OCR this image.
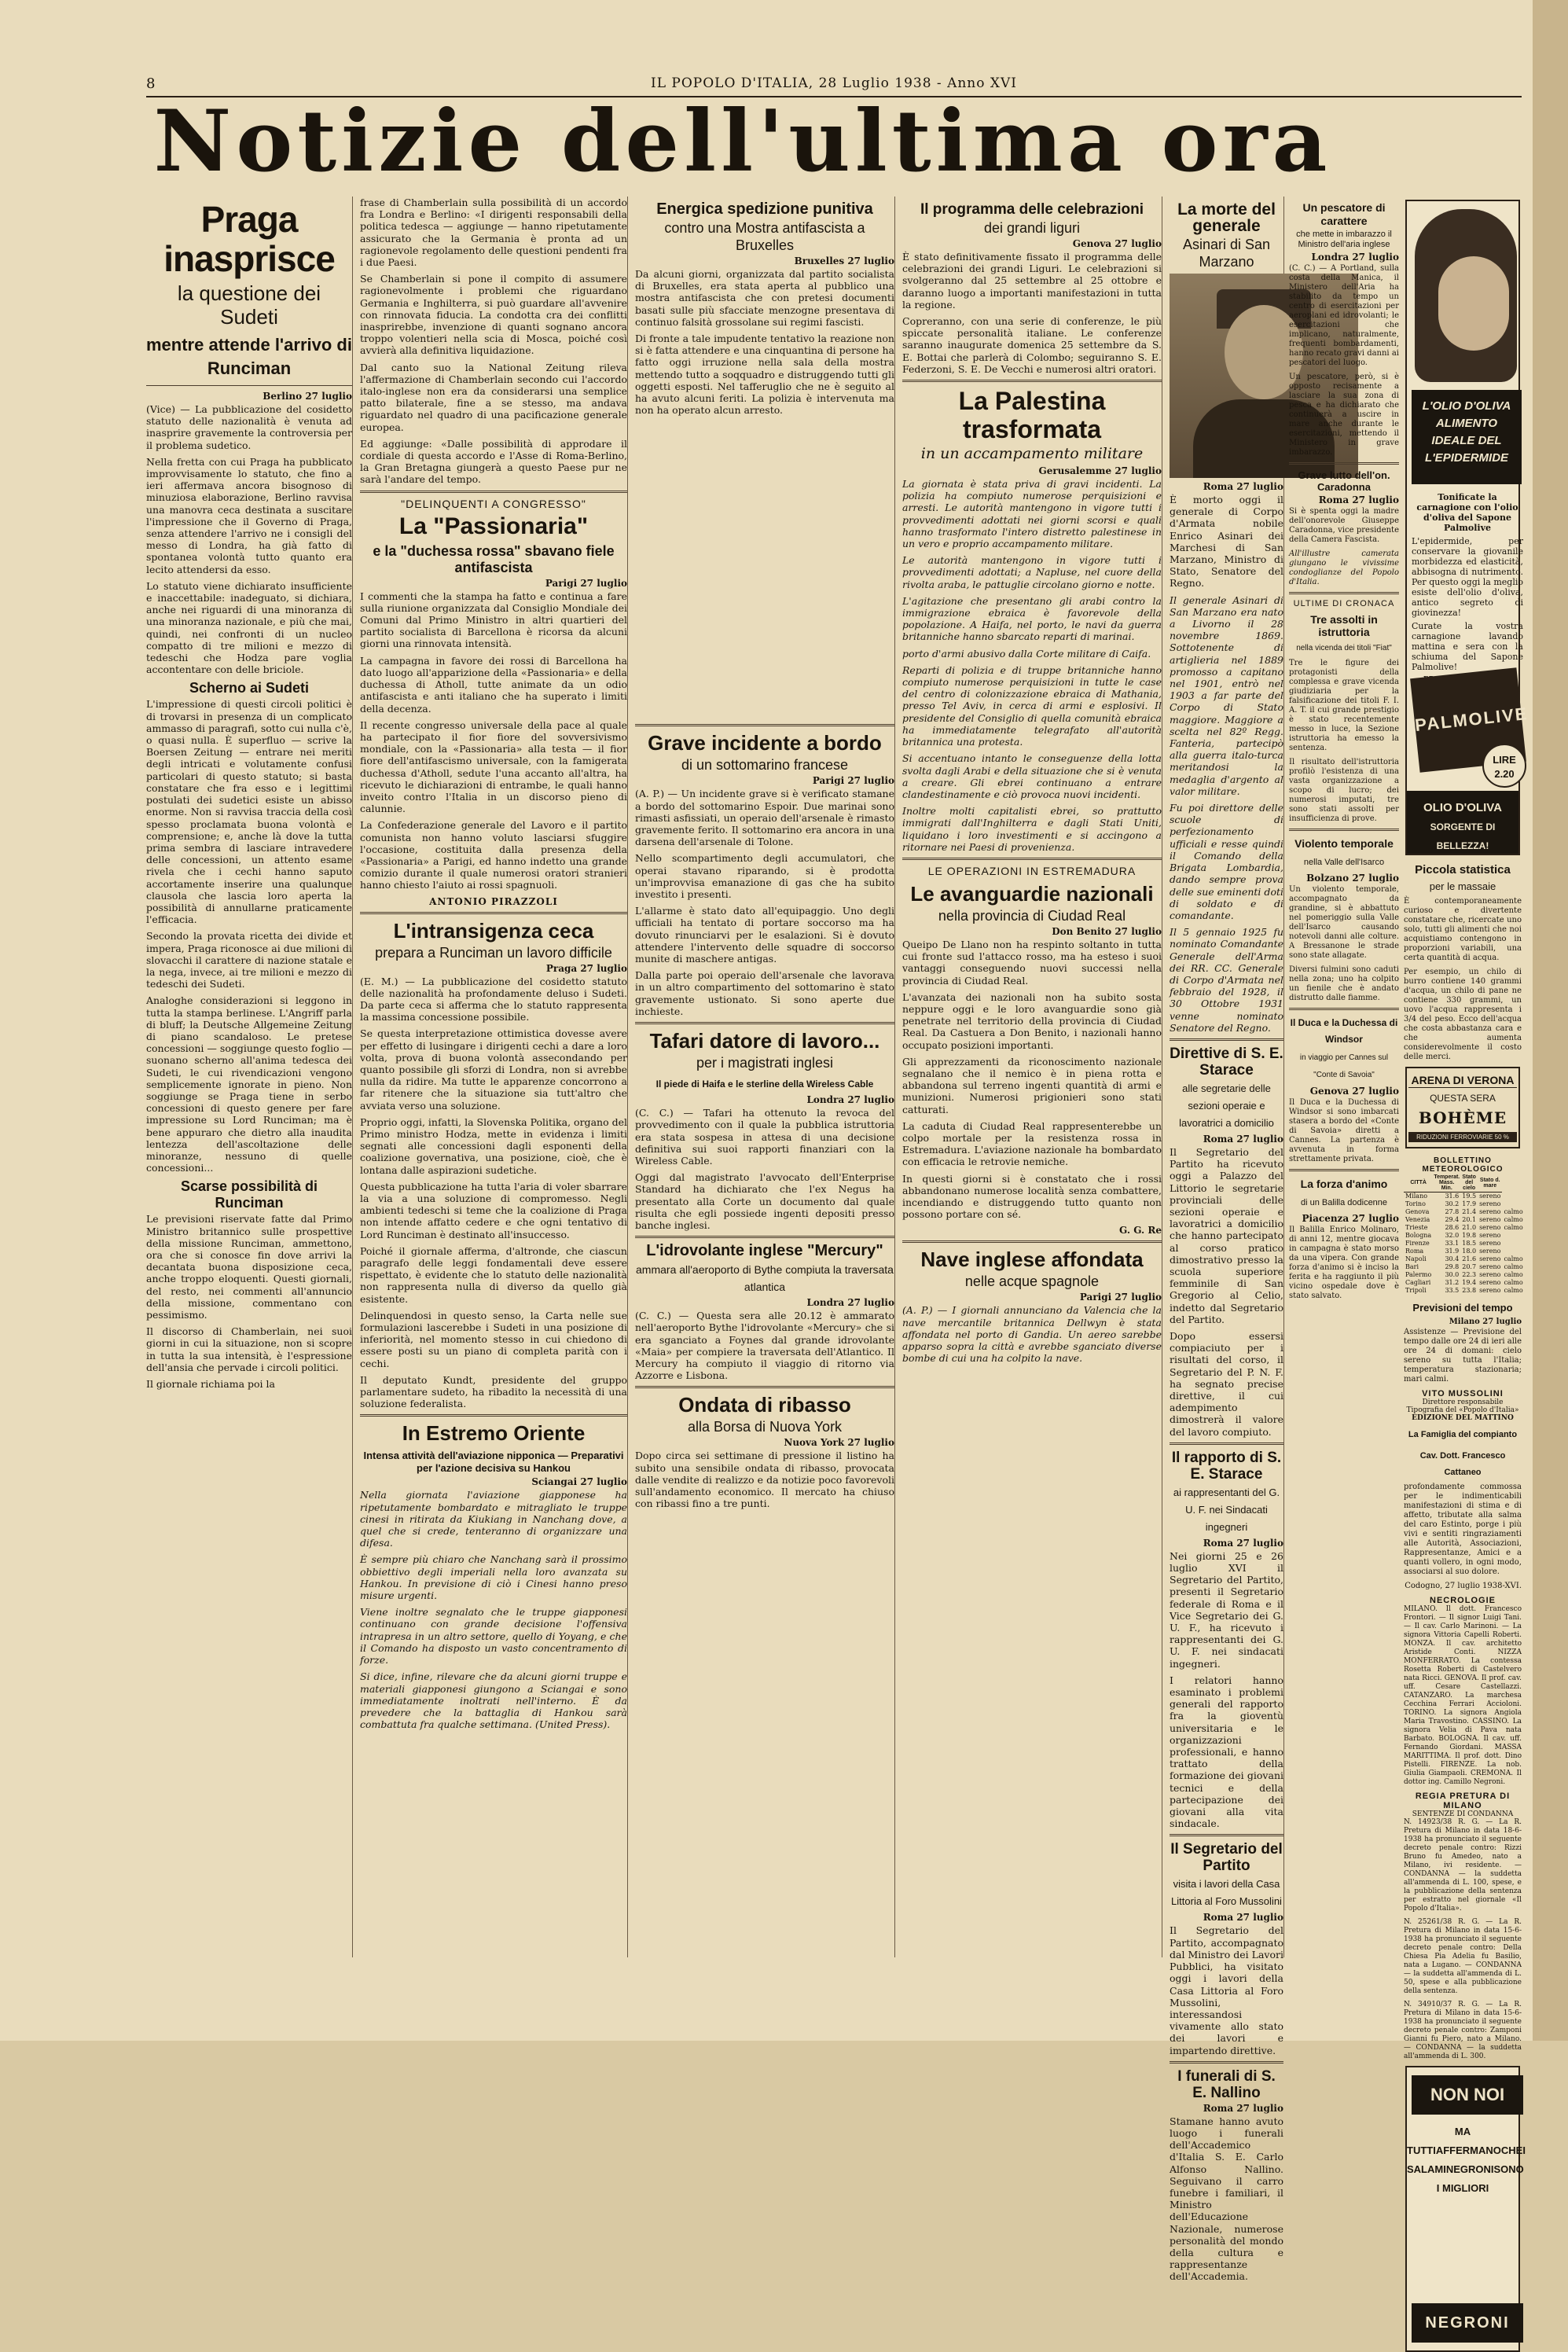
8	IL POPOLO D'ITALIA, 28 Luglio 1938 - Anno XVI
Notizie dell'ultima ora
Praga inasprisce
la questione dei Sudeti
mentre attende l'arrivo di Runciman
Berlino 27 luglio

(Vice) — La pubblicazione del cosidetto statuto delle nazionalità è venuta ad inasprire gravemente la controversia per il problema sudetico.

Nella fretta con cui Praga ha pubblicato improvvisamente lo statuto, che fino a ieri affermava ancora bisognoso di minuziosa elaborazione, Berlino ravvisa una manovra ceca destinata a suscitare l'impressione che il Governo di Praga, senza attendere l'arrivo ne i consigli del messo di Londra, ha già fatto di spontanea volontà tutto quanto era lecito attendersi da esso.

Lo statuto viene dichiarato insufficiente e inaccettabile: inadeguato, si dichiara, anche nei riguardi di una minoranza di una minoranza nazionale, e più che mai, quindi, nei confronti di un nucleo compatto di tre milioni e mezzo di tedeschi che Hodza pare voglia accontentare con delle briciole.

Scherno ai Sudeti

L'impressione di questi circoli politici è di trovarsi in presenza di un complicato ammasso di paragrafi, sotto cui nulla c'è, o quasi nulla. È superfluo — scrive la Boersen Zeitung — entrare nei meriti degli intricati e volutamente confusi particolari di questo statuto; si basta constatare che fra esso e i legittimi postulati dei sudetici esiste un abisso enorme. Non si ravvisa traccia della così spesso proclamata buona volontà e comprensione; e, anche là dove la tutta prima sembra di lasciare intravedere delle concessioni, un attento esame rivela che i cechi hanno saputo accortamente inserire una qualunque clausola che lascia loro aperta la possibilità di annullarne praticamente l'efficacia.

Secondo la provata ricetta dei divide et impera, Praga riconosce ai due milioni di slovacchi il carattere di nazione statale e la nega, invece, ai tre milioni e mezzo di tedeschi dei Sudeti.

Analoghe considerazioni si leggono in tutta la stampa berlinese. L'Angriff parla di bluff; la Deutsche Allgemeine Zeitung di piano scandaloso. Le pretese concessioni — soggiunge questo foglio — suonano scherno all'anima tedesca dei Sudeti, le cui rivendicazioni vengono semplicemente ignorate in pieno. Non soggiunge se Praga tiene in serbo concessioni di questo genere per fare impressione su Lord Runciman; ma è bene appuraro che dietro alla inaudita lentezza dell'ascoltazione delle minoranze, nessuno di quelle concessioni...

Scarse possibilità di Runciman

Le previsioni riservate fatte dal Primo Ministro britannico sulle prospettive della missione Runciman, ammettono, ora che si conosce fin dove arrivi la decantata buona disposizione ceca, anche troppo eloquenti. Questi giornali, del resto, nei commenti all'annuncio della missione, commentano con pessimismo.

Il discorso di Chamberlain, nei suoi giorni in cui la situazione, non si scopre in tutta la sua intensità, è l'espressione dell'ansia che pervade i circoli politici.

Il giornale richiama poi la

frase di Chamberlain sulla possibilità di un accordo fra Londra e Berlino: «I dirigenti responsabili della politica tedesca — aggiunge — hanno ripetutamente assicurato che la Germania è pronta ad un ragionevole regolamento delle questioni pendenti fra i due Paesi.

Se Chamberlain si pone il compito di assumere ragionevolmente i problemi che riguardano Germania e Inghilterra, si può guardare all'avvenire con rinnovata fiducia. La condotta cra dei conflitti inasprirebbe, invenzione di quanti sognano ancora troppo volentieri nella scia di Mosca, poiché così avvierà alla definitiva liquidazione.

Dal canto suo la National Zeitung rileva l'affermazione di Chamberlain secondo cui l'accordo italo-inglese non era da considerarsi una semplice patto bilaterale, fine a se stesso, ma andava riguardato nel quadro di una pacificazione generale europea.

Ed aggiunge: «Dalle possibilità di approdare il cordiale di questa accordo e l'Asse di Roma-Berlino, la Gran Bretagna giungerà a questo Paese pur ne sarà l'andare del tempo.

"DELINQUENTI A CONGRESSO"
La "Passionaria"
e la "duchessa rossa" sbavano fiele antifascista
Parigi 27 luglio

I commenti che la stampa ha fatto e continua a fare sulla riunione organizzata dal Consiglio Mondiale dei Comuni dal Primo Ministro in altri quartieri del partito socialista di Barcellona è ricorsa da alcuni giorni una rinnovata intensità.

La campagna in favore dei rossi di Barcellona ha dato luogo all'apparizione della «Passionaria» e della duchessa di Atholl, tutte animate da un odio antifascista e anti italiano che ha superato i limiti della decenza.

Il recente congresso universale della pace al quale ha partecipato il fior fiore del sovversivismo mondiale, con la «Passionaria» alla testa — il fior fiore dell'antifascismo universale, con la famigerata duchessa d'Atholl, sedute l'una accanto all'altra, ha ricevuto le dichiarazioni di entrambe, le quali hanno inveito contro l'Italia in un discorso pieno di calunnie.

La Confederazione generale del Lavoro e il partito comunista non hanno voluto lasciarsi sfuggire l'occasione, costituita dalla presenza della «Passionaria» a Parigi, ed hanno indetto una grande comizio durante il quale numerosi oratori stranieri hanno chiesto l'aiuto ai rossi spagnuoli.

ANTONIO PIRAZZOLI
L'intransigenza ceca
prepara a Runciman un lavoro difficile
Praga 27 luglio

(E. M.) — La pubblicazione del cosidetto statuto delle nazionalità ha profondamente deluso i Sudeti. Da parte ceca si afferma che lo statuto rappresenta la massima concessione possibile.

Se questa interpretazione ottimistica dovesse avere per effetto di lusingare i dirigenti cechi a dare a loro volta, prova di buona volontà assecondando per quanto possibile gli sforzi di Londra, non si avrebbe nulla da ridire. Ma tutte le apparenze concorrono a far ritenere che la situazione sia tutt'altro che avviata verso una soluzione.

Proprio oggi, infatti, la Slovenska Politika, organo del Primo ministro Hodza, mette in evidenza i limiti segnati alle concessioni dagli esponenti della coalizione governativa, una posizione, cioè, che è lontana dalle aspirazioni sudetiche.

Questa pubblicazione ha tutta l'aria di voler sbarrare la via a una soluzione di compromesso. Negli ambienti tedeschi si teme che la coalizione di Praga non intende affatto cedere e che ogni tentativo di Lord Runciman è destinato all'insuccesso.

Poiché il giornale afferma, d'altronde, che ciascun paragrafo delle leggi fondamentali deve essere rispettato, è evidente che lo statuto delle nazionalità non rappresenta nulla di diverso da quello già esistente.

Delinquendosi in questo senso, la Carta nelle sue formulazioni lascerebbe i Sudeti in una posizione di inferiorità, nel momento stesso in cui chiedono di essere posti su un piano di completa parità con i cechi.

Il deputato Kundt, presidente del gruppo parlamentare sudeto, ha ribadito la necessità di una soluzione federalista.

In Estremo Oriente
Intensa attività dell'aviazione nipponica — Preparativi per l'azione decisiva su Hankou
Sciangai 27 luglio

Nella giornata l'aviazione giapponese ha ripetutamente bombardato e mitragliato le truppe cinesi in ritirata da Kiukiang in Nanchang dove, a quel che si crede, tenteranno di organizzare una difesa.

È sempre più chiaro che Nanchang sarà il prossimo obbiettivo degli imperiali nella loro avanzata su Hankou. In previsione di ciò i Cinesi hanno preso misure urgenti.

Viene inoltre segnalato che le truppe giapponesi continuano con grande decisione l'offensiva intrapresa in un altro settore, quello di Yoyang, e che il Comando ha disposto un vasto concentramento di forze.

Si dice, infine, rilevare che da alcuni giorni truppe e materiali giapponesi giungono a Sciangai e sono immediatamente inoltrati nell'interno. È da prevedere che la battaglia di Hankou sarà combattuta fra qualche settimana. (United Press).

Energica spedizione punitiva
contro una Mostra antifascista a Bruxelles
Bruxelles 27 luglio

Da alcuni giorni, organizzata dal partito socialista di Bruxelles, era stata aperta al pubblico una mostra antifascista che con pretesi documenti basati sulle più sfacciate menzogne presentava di continuo falsità grossolane sui regimi fascisti.

Di fronte a tale impudente tentativo la reazione non si è fatta attendere e una cinquantina di persone ha fatto oggi irruzione nella sala della mostra mettendo tutto a soqquadro e distruggendo tutti gli oggetti esposti. Nel tafferuglio che ne è seguito al ha avuto alcuni feriti. La polizia è intervenuta ma non ha operato alcun arresto.

Grave incidente a bordo
di un sottomarino francese
Parigi 27 luglio

(A. P.) — Un incidente grave si è verificato stamane a bordo del sottomarino Espoir. Due marinai sono rimasti asfissiati, un operaio dell'arsenale è rimasto gravemente ferito. Il sottomarino era ancora in una darsena dell'arsenale di Tolone.

Nello scompartimento degli accumulatori, che operai stavano riparando, si è prodotta un'improvvisa emanazione di gas che ha subito investito i presenti.

L'allarme è stato dato all'equipaggio. Uno degli ufficiali ha tentato di portare soccorso ma ha dovuto rinunciarvi per le esalazioni. Si è dovuto attendere l'intervento delle squadre di soccorso munite di maschere antigas.

Dalla parte poi operaio dell'arsenale che lavorava in un altro compartimento del sottomarino è stato gravemente ustionato. Si sono aperte due inchieste.

Tafari datore di lavoro...
per i magistrati inglesi
Il piede di Haifa e le sterline della Wireless Cable
Londra 27 luglio

(C. C.) — Tafari ha ottenuto la revoca del provvedimento con il quale la pubblica istruttoria era stata sospesa in attesa di una decisione definitiva sui suoi rapporti finanziari con la Wireless Cable.

Oggi dal magistrato l'avvocato dell'Enterprise Standard ha dichiarato che l'ex Negus ha presentato alla Corte un documento dal quale risulta che egli possiede ingenti depositi presso banche inglesi.

L'idrovolante inglese "Mercury"
ammara all'aeroporto di Bythe compiuta la traversata atlantica
Londra 27 luglio

(C. C.) — Questa sera alle 20.12 è ammarato nell'aeroporto Bythe l'idrovolante «Mercury» che si era sganciato a Foynes dal grande idrovolante «Maia» per compiere la traversata dell'Atlantico. Il Mercury ha compiuto il viaggio di ritorno via Azzorre e Lisbona.

Ondata di ribasso
alla Borsa di Nuova York
Nuova York 27 luglio

Dopo circa sei settimane di pressione il listino ha subito una sensibile ondata di ribasso, provocata dalle vendite di realizzo e da notizie poco favorevoli sull'andamento economico. Il mercato ha chiuso con ribassi fino a tre punti.

Il programma delle celebrazioni
dei grandi liguri
Genova 27 luglio

È stato definitivamente fissato il programma delle celebrazioni dei grandi Liguri. Le celebrazioni si svolgeranno dal 25 settembre al 25 ottobre e daranno luogo a importanti manifestazioni in tutta la regione.

Copreranno, con una serie di conferenze, le più spiccate personalità italiane. Le conferenze saranno inaugurate domenica 25 settembre da S. E. Bottai che parlerà di Colombo; seguiranno S. E. Federzoni, S. E. De Vecchi e numerosi altri oratori.

La Palestina trasformata
in un accampamento militare
Gerusalemme 27 luglio

La giornata è stata priva di gravi incidenti. La polizia ha compiuto numerose perquisizioni e arresti. Le autorità mantengono in vigore tutti i provvedimenti adottati nei giorni scorsi e quali hanno trasformato l'intero distretto palestinese in un vero e proprio accampamento militare.

Le autorità mantengono in vigore tutti i provvedimenti adottati; a Napluse, nel cuore della rivolta araba, le pattuglie circolano giorno e notte.

L'agitazione che presentano gli arabi contro la immigrazione ebraica è favorevole della popolazione. A Haifa, nel porto, le navi da guerra britanniche hanno sbarcato reparti di marinai.

porto d'armi abusivo dalla Corte militare di Caifa.

Reparti di polizia e di truppe britanniche hanno compiuto numerose perquisizioni in tutte le case del centro di colonizzazione ebraica di Mathania, presso Tel Aviv, in cerca di armi e esplosivi. Il presidente del Consiglio di quella comunità ebraica ha immediatamente telegrafato all'autorità britannica una protesta.

Si accentuano intanto le conseguenze della lotta svolta dagli Arabi e della situazione che si è venuta a creare. Gli ebrei continuano a entrare clandestinamente e ciò provoca nuovi incidenti.

Inoltre molti capitalisti ebrei, so prattutto immigrati dall'Inghilterra e dagli Stati Uniti, liquidano i loro investimenti e si accingono a ritornare nei Paesi di provenienza.

LE OPERAZIONI IN ESTREMADURA
Le avanguardie nazionali
nella provincia di Ciudad Real
Don Benito 27 luglio

Queipo De Llano non ha respinto soltanto in tutta cui fronte sud l'attacco rosso, ma ha esteso i suoi vantaggi conseguendo nuovi successi nella provincia di Ciudad Real.

L'avanzata dei nazionali non ha subito sosta neppure oggi e le loro avanguardie sono già penetrate nel territorio della provincia di Ciudad Real. Da Castuera a Don Benito, i nazionali hanno occupato posizioni importanti.

Gli apprezzamenti da riconoscimento nazionale segnalano che il nemico è in piena rotta e abbandona sul terreno ingenti quantità di armi e munizioni. Numerosi prigionieri sono stati catturati.

La caduta di Ciudad Real rappresenterebbe un colpo mortale per la resistenza rossa in Estremadura. L'aviazione nazionale ha bombardato con efficacia le retrovie nemiche.

In questi giorni si è constatato che i rossi abbandonano numerose località senza combattere, incendiando e distruggendo tutto quanto non possono portare con sé.

G. G. Re
Nave inglese affondata
nelle acque spagnole
Parigi 27 luglio

(A. P.) — I giornali annunciano da Valencia che la nave mercantile britannica Dellwyn è stata affondata nel porto di Gandia. Un aereo sarebbe apparso sopra la città e avrebbe sganciato diverse bombe di cui una ha colpito la nave.

La morte del generale
Asinari di San Marzano
Roma 27 luglio

È morto oggi il generale di Corpo d'Armata nobile Enrico Asinari dei Marchesi di San Marzano, Ministro di Stato, Senatore del Regno.

Il generale Asinari di San Marzano era nato a Livorno il 28 novembre 1869. Sottotenente di artiglieria nel 1889 promosso a capitano nel 1901, entrò nel 1903 a far parte del Corpo di Stato maggiore. Maggiore a scelta nel 82º Regg. Fanteria, partecipò alla guerra italo-turca meritandosi la medaglia d'argento al valor militare.

Fu poi direttore delle scuole di perfezionamento ufficiali e resse quindi il Comando della Brigata Lombardia, dando sempre prova delle sue eminenti doti di soldato e di comandante.

Il 5 gennaio 1925 fu nominato Comandante Generale dell'Arma dei RR. CC. Generale di Corpo d'Armata nel febbraio del 1928, il 30 Ottobre 1931 venne nominato Senatore del Regno.

Direttive di S. E. Starace
alle segretarie delle sezioni operaie e lavoratrici a domicilio
Roma 27 luglio

Il Segretario del Partito ha ricevuto oggi a Palazzo del Littorio le segretarie provinciali delle sezioni operaie e lavoratrici a domicilio che hanno partecipato al corso pratico dimostrativo presso la scuola superiore femminile di San Gregorio al Celio, indetto dal Segretario del Partito.

Dopo essersi compiaciuto per i risultati del corso, il Segretario del P. N. F. ha segnato precise direttive, il cui adempimento dimostrerà il valore del lavoro compiuto.

Il rapporto di S. E. Starace
ai rappresentanti del G. U. F. nei Sindacati ingegneri
Roma 27 luglio

Nei giorni 25 e 26 luglio XVI il Segretario del Partito, presenti il Segretario federale di Roma e il Vice Segretario dei G. U. F., ha ricevuto i rappresentanti dei G. U. F. nei sindacati ingegneri.

I relatori hanno esaminato i problemi generali del rapporto fra la gioventù universitaria e le organizzazioni professionali, e hanno trattato della formazione dei giovani tecnici e della partecipazione dei giovani alla vita sindacale.

Il Segretario del Partito
visita i lavori della Casa Littoria al Foro Mussolini
Roma 27 luglio

Il Segretario del Partito, accompagnato dal Ministro dei Lavori Pubblici, ha visitato oggi i lavori della Casa Littoria al Foro Mussolini, interessandosi vivamente allo stato dei lavori e impartendo direttive.

I funerali di S. E. Nallino
Roma 27 luglio

Stamane hanno avuto luogo i funerali dell'Accademico d'Italia S. E. Carlo Alfonso Nallino. Seguivano il carro funebre i familiari, il Ministro dell'Educazione Nazionale, numerose personalità del mondo della cultura e rappresentanze dell'Accademia.

L'OLIO D'OLIVA
ALIMENTO
IDEALE DEL
L'EPIDERMIDE
Tonificate la carnagione con l'olio d'oliva del Sapone Palmolive
L'epidermide, per conservare la giovanile morbidezza ed elasticità, abbisogna di nutrimento. Per questo oggi la meglio esiste dell'olio d'oliva, antico segreto di giovinezza!
Curate la vostra carnagione lavando mattina e sera con la schiuma del Sapone Palmolive!
PALMOLIVE
LIRE 2.20
OLIO D'OLIVA
SORGENTE DI BELLEZZA!
Piccola statistica
per le massaie
È contemporaneamente curioso e divertente constatare che, ricercate uno solo, tutti gli alimenti che noi acquistiamo contengono in proporzioni variabili, una certa quantità di acqua.
Per esempio, un chilo di burro contiene 140 grammi d'acqua, un chilo di pane ne contiene 330 grammi, un uovo l'acqua rappresenta i 3/4 del peso. Ecco dell'acqua che costa abbastanza cara e che aumenta considerevolmente il costo delle merci.
ARENA DI VERONA
QUESTA SERA
BOHÈME
RIDUZIONI FERROVIARIE 50 %
BOLLETTINO METEOROLOGICO
CITTÀ	Temperat. Mass. Min.	Stato del cielo	Stato d. mare	
Milano	31.6	19.5	sereno	
Torino	30.2	17.9	sereno	
Genova	27.8	21.4	sereno	calmo
Venezia	29.4	20.1	sereno	calmo
Trieste	28.6	21.0	sereno	calmo
Bologna	32.0	19.8	sereno	
Firenze	33.1	18.5	sereno	
Roma	31.9	18.0	sereno	
Napoli	30.4	21.6	sereno	calmo
Bari	29.8	20.7	sereno	calmo
Palermo	30.0	22.3	sereno	calmo
Cagliari	31.2	19.4	sereno	calmo
Tripoli	33.5	23.8	sereno	calmo
Previsioni del tempo
Milano 27 luglio
Assistenze — Previsione del tempo dalle ore 24 di ieri alle ore 24 di domani: cielo sereno su tutta l'Italia; temperatura stazionaria; mari calmi.
VITO MUSSOLINI
Direttore responsabile
Tipografia del «Popolo d'Italia»
EDIZIONE DEL MATTINO
La Famiglia del compianto
Cav. Dott. Francesco Cattaneo
profondamente commossa per le indimenticabili manifestazioni di stima e di affetto, tributate alla salma del caro Estinto, porge i più vivi e sentiti ringraziamenti alle Autorità, Associazioni, Rappresentanze, Amici e a quanti vollero, in ogni modo, associarsi al suo dolore.
Codogno, 27 luglio 1938-XVI.
NECROLOGIE
MILANO. Il dott. Francesco Frontori. — Il signor Luigi Tani. — Il cav. Carlo Marinoni. — La signora Vittoria Capelli Roberti. MONZA. Il cav. architetto Aristide Conti. NIZZA MONFERRATO. La contessa Rosetta Roberti di Castelvero nata Ricci. GENOVA. Il prof. cav. uff. Cesare Castellazzi. CATANZARO. La marchesa Cecchina Ferrari Accioloni. TORINO. La signora Angiola Maria Travostino. CASSINO. La signora Velia di Pava nata Barbato. BOLOGNA. Il cav. uff. Fernando Giordani. MASSA MARITTIMA. Il prof. dott. Dino Pistelli. FIRENZE. La nob. Giulia Giampaoli. CREMONA. Il dottor ing. Camillo Negroni.
REGIA PRETURA DI MILANO
SENTENZE DI CONDANNA
N. 14923/38 R. G. — La R. Pretura di Milano in data 18-6-1938 ha pronunciato il seguente decreto penale contro: Rizzi Bruno fu Amedeo, nato a Milano, ivi residente. — CONDANNA — la suddetta all'ammenda di L. 100, spese, e la pubblicazione della sentenza per estratto nel giornale «Il Popolo d'Italia».
N. 25261/38 R. G. — La R. Pretura di Milano in data 15-6-1938 ha pronunciato il seguente decreto penale contro: Della Chiesa Pia Adelia fu Basilio, nata a Lugano. — CONDANNA — la suddetta all'ammenda di L. 50, spese e alla pubblicazione della sentenza.
N. 34910/37 R. G. — La R. Pretura di Milano in data 15-6-1938 ha pronunciato il seguente decreto penale contro: Zamponi Gianni fu Piero, nato a Milano. — CONDANNA — la suddetta all'ammenda di L. 300.
NON NOI
MA TUTTIAFFERMANOCHEI SALAMINEGRONISONO I MIGLIORI
NEGRONI
Un pescatore di carattere
che mette in imbarazzo il Ministro dell'aria inglese
Londra 27 luglio
(C. C.) — A Portland, sulla costa della Manica, il Ministero dell'Aria ha stabilito da tempo un centro di esercitazioni per aeroplani ed idrovolanti; le esercitazioni che implicano, naturalmente, frequenti bombardamenti, hanno recato gravi danni ai pescatori del luogo.
Un pescatore, però, si è opposto recisamente a lasciare la sua zona di pesca e ha dichiarato che continuerà a uscire in mare anche durante le esercitazioni, mettendo il Ministero in grave imbarazzo.
Grave lutto dell'on. Caradonna
Roma 27 luglio
Si è spenta oggi la madre dell'onorevole Giuseppe Caradonna, vice presidente della Camera Fascista.
All'illustre camerata giungano le vivissime condoglianze del Popolo d'Italia.
ULTIME DI CRONACA
Tre assolti in istruttoria
nella vicenda dei titoli "Fiat"
Tre le figure dei protagonisti della complessa e grave vicenda giudiziaria per la falsificazione dei titoli F. I. A. T. il cui grande prestigio è stato recentemente messo in luce, la Sezione istruttoria ha emesso la sentenza.
Il risultato dell'istruttoria profilò l'esistenza di una vasta organizzazione a scopo di lucro; dei numerosi imputati, tre sono stati assolti per insufficienza di prove.
Violento temporale
nella Valle dell'Isarco
Bolzano 27 luglio
Un violento temporale, accompagnato da grandine, si è abbattuto nel pomeriggio sulla Valle dell'Isarco causando notevoli danni alle colture. A Bressanone le strade sono state allagate.
Diversi fulmini sono caduti nella zona; uno ha colpito un fienile che è andato distrutto dalle fiamme.
Il Duca e la Duchessa di Windsor
in viaggio per Cannes sul "Conte di Savoia"
Genova 27 luglio
Il Duca e la Duchessa di Windsor si sono imbarcati stasera a bordo del «Conte di Savoia» diretti a Cannes. La partenza è avvenuta in forma strettamente privata.
La forza d'animo
di un Balilla dodicenne
Piacenza 27 luglio
Il Balilla Enrico Molinaro, di anni 12, mentre giocava in campagna è stato morso da una vipera. Con grande forza d'animo si è inciso la ferita e ha raggiunto il più vicino ospedale dove è stato salvato.
